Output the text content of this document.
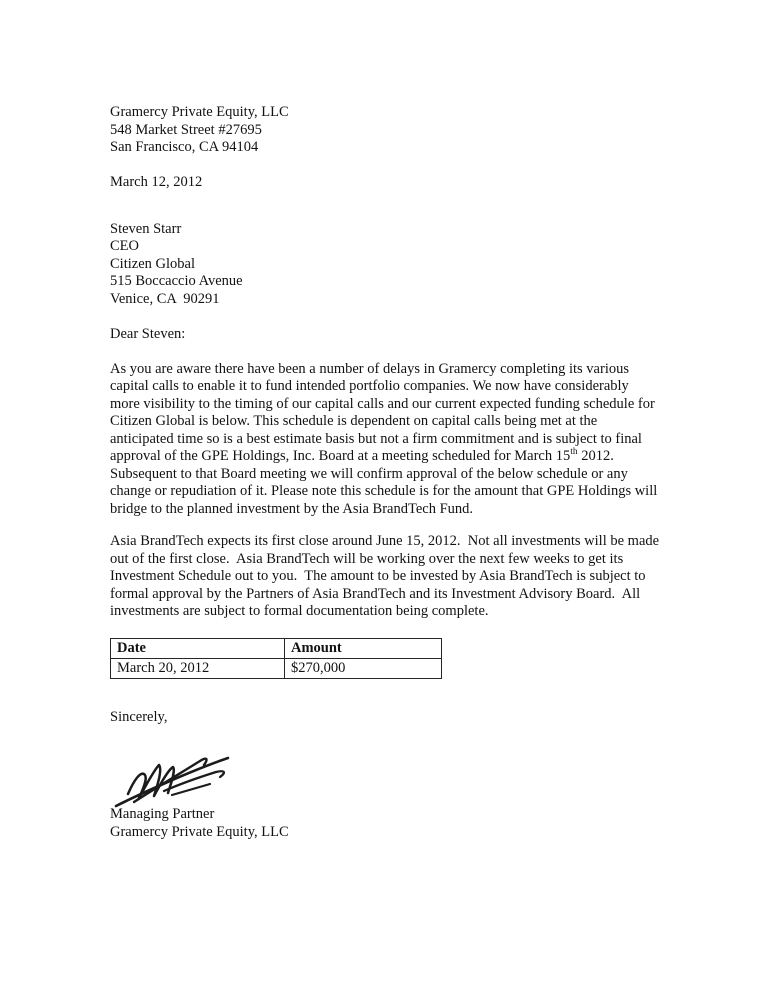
Gramercy Private Equity, LLC
548 Market Street #27695
San Francisco, CA 94104
March 12, 2012
Steven Starr
CEO
Citizen Global
515 Boccaccio Avenue
Venice, CA  90291
Dear Steven:
As you are aware there have been a number of delays in Gramercy completing its various capital calls to enable it to fund intended portfolio companies. We now have considerably more visibility to the timing of our capital calls and our current expected funding schedule for Citizen Global is below. This schedule is dependent on capital calls being met at the anticipated time so is a best estimate basis but not a firm commitment and is subject to final approval of the GPE Holdings, Inc. Board at a meeting scheduled for March 15th 2012. Subsequent to that Board meeting we will confirm approval of the below schedule or any change or repudiation of it. Please note this schedule is for the amount that GPE Holdings will bridge to the planned investment by the Asia BrandTech Fund.
Asia BrandTech expects its first close around June 15, 2012.  Not all investments will be made out of the first close.  Asia BrandTech will be working over the next few weeks to get its Investment Schedule out to you.  The amount to be invested by Asia BrandTech is subject to formal approval by the Partners of Asia BrandTech and its Investment Advisory Board.  All investments are subject to formal documentation being complete.
Date	Amount
March 20, 2012	$270,000
Sincerely,
Managing Partner
Gramercy Private Equity, LLC
